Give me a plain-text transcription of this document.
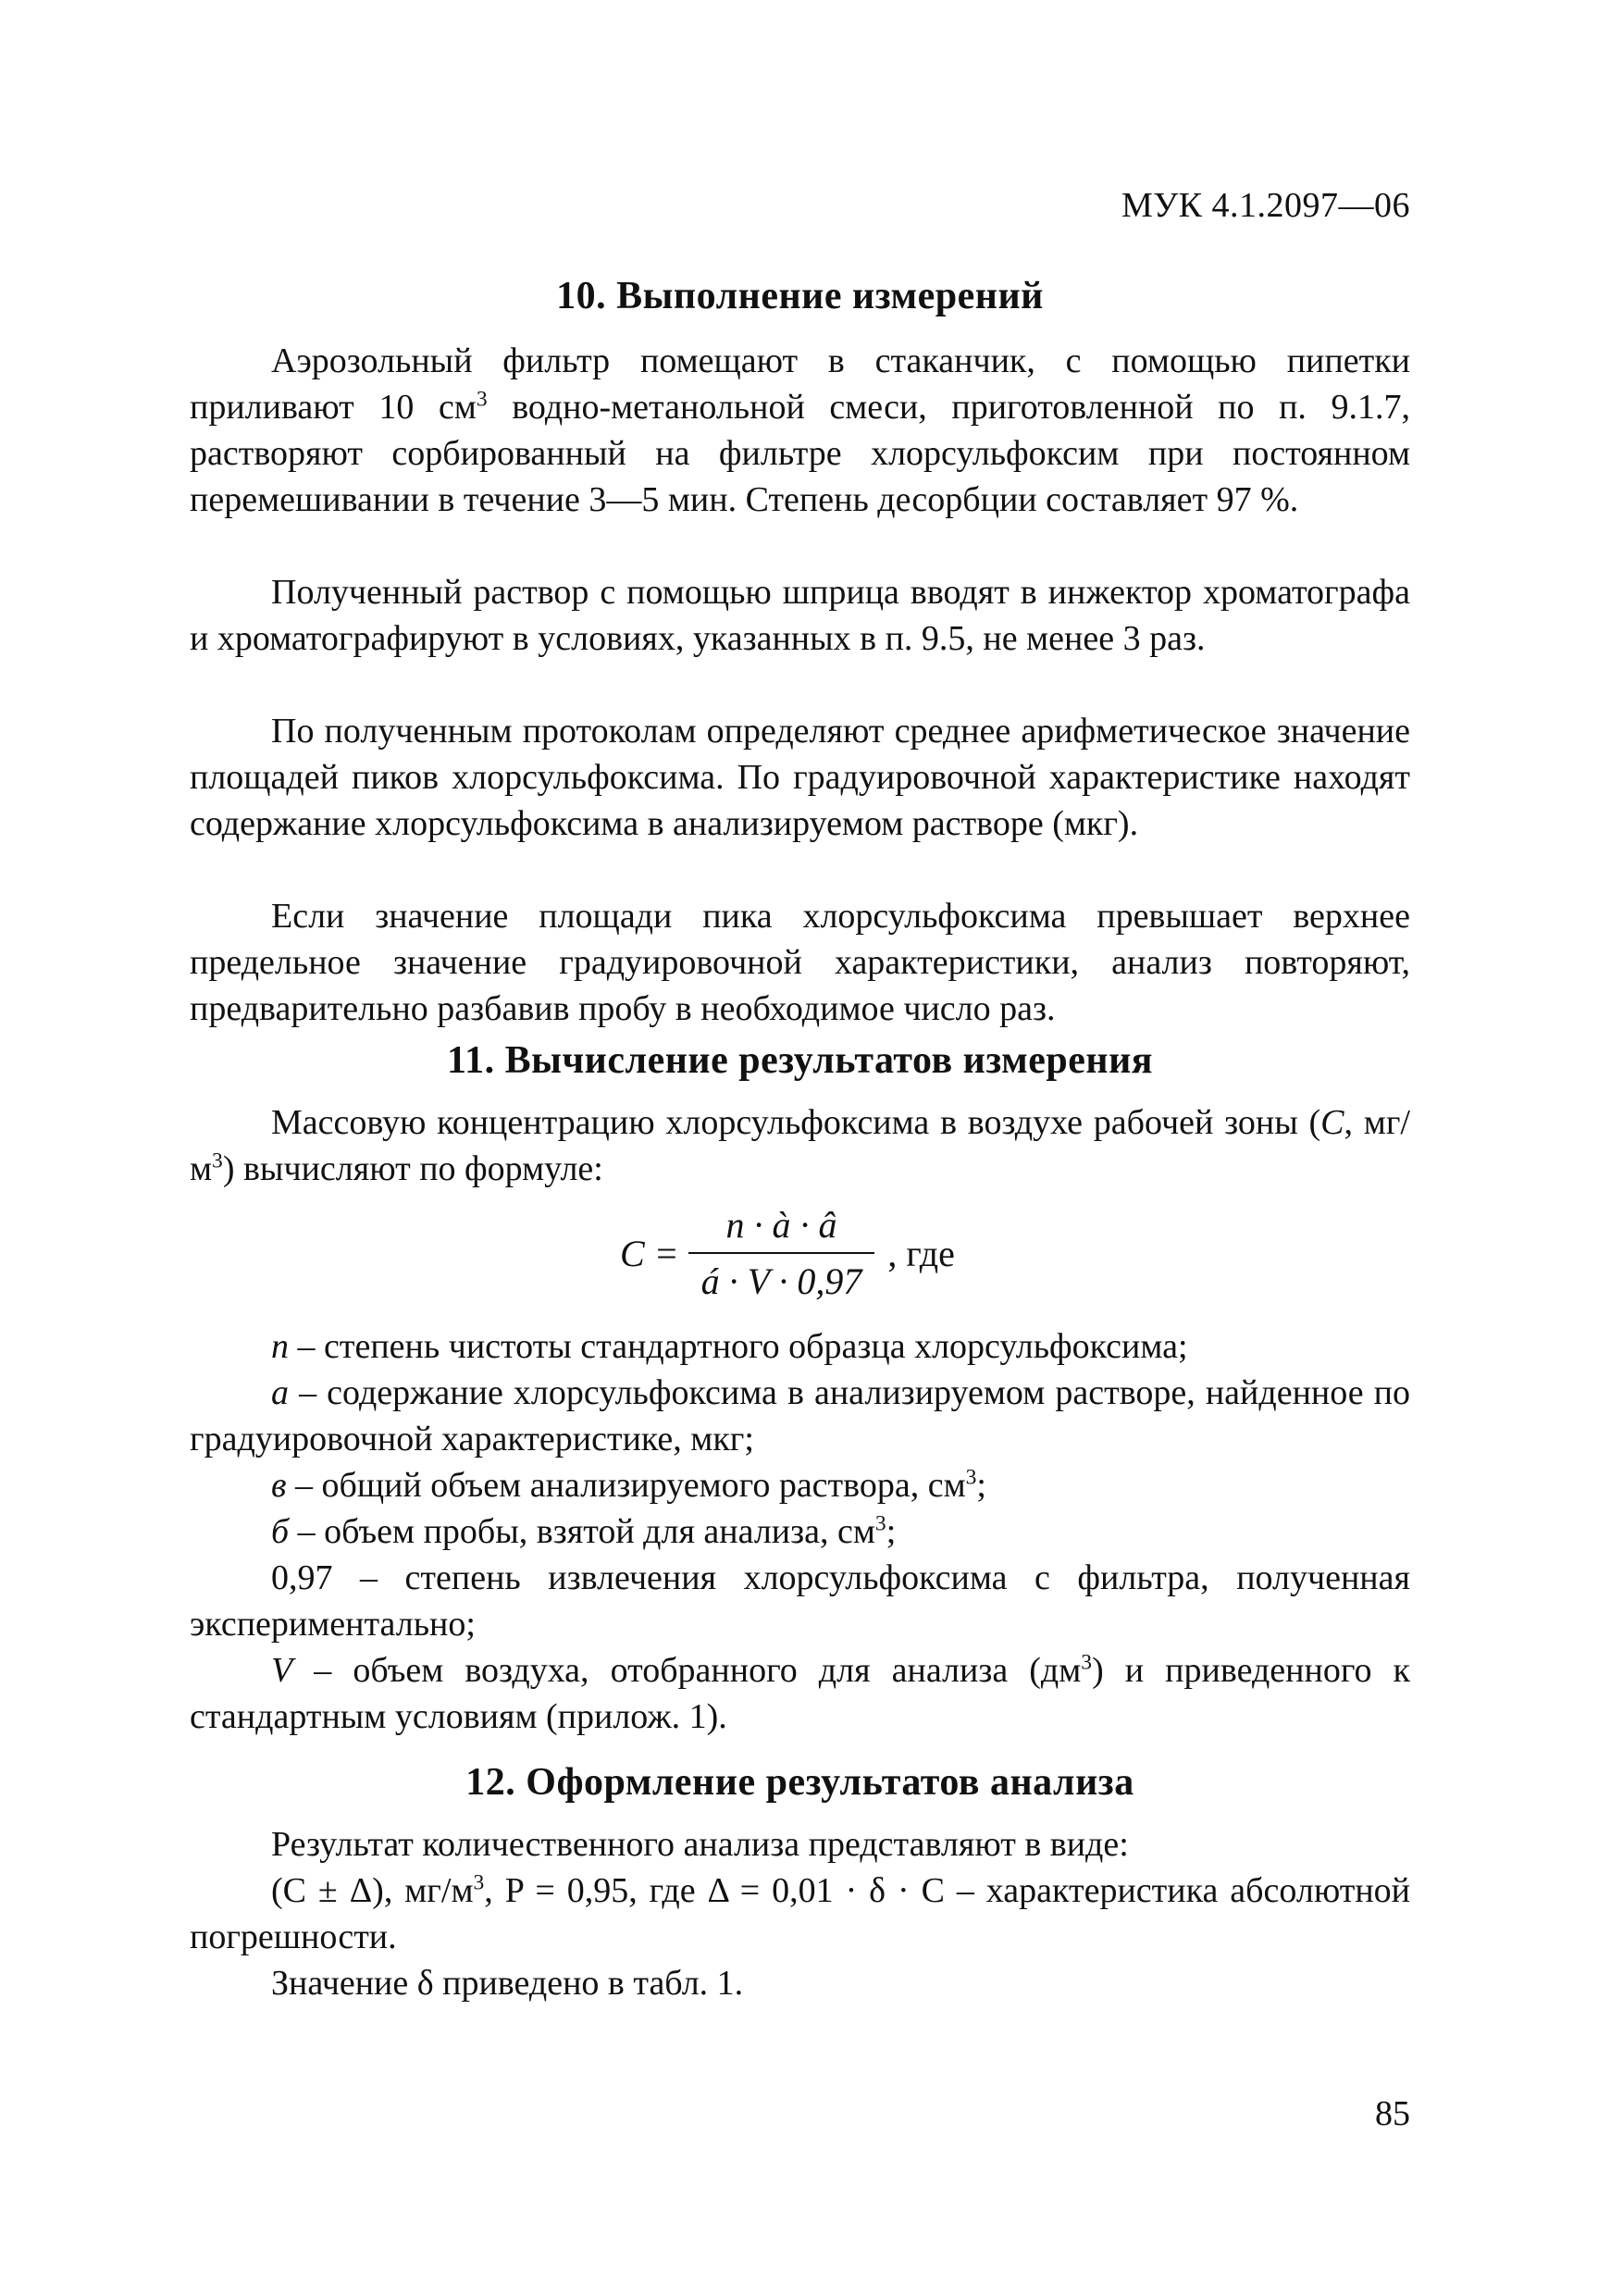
МУК 4.1.2097—06
10. Выполнение измерений

Аэрозольный фильтр помещают в стаканчик, с помощью пипетки приливают 10 $см^3$ водно-метанольной смеси, приготовленной по п. 9.1.7, растворяют сорбированный на фильтре хлорсульфоксим при постоянном перемешивании в течение 3—5 мин. Степень десорбции составляет 97 %.

Полученный раствор с помощью шприца вводят в инжектор хроматографа и хроматографируют в условиях, указанных в п. 9.5, не менее 3 раз.

По полученным протоколам определяют среднее арифметическое значение площадей пиков хлорсульфоксима. По градуировочной характеристике находят содержание хлорсульфоксима в анализируемом растворе (мкг).

Если значение площади пика хлорсульфоксима превышает верхнее предельное значение градуировочной характеристики, анализ повторяют, предварительно разбавив пробу в необходимое число раз.

11. Вычисление результатов измерения

Массовую концентрацию хлорсульфоксима в воздухе рабочей зоны (C, $мг/м^3$) вычисляют по формуле:

$C = \frac{n \cdot à \cdot â}{á \cdot V \cdot 0,97}$ , где

n – степень чистоты стандартного образца хлорсульфоксима;

a – содержание хлорсульфоксима в анализируемом растворе, найденное по градуировочной характеристике, мкг;

в – общий объем анализируемого раствора, $см^3$;

б – объем пробы, взятой для анализа, $см^3$;

0,97 – степень извлечения хлорсульфоксима с фильтра, полученная экспериментально;

V – объем воздуха, отобранного для анализа $(дм^3)$ и приведенного к стандартным условиям (прилож. 1).

12. Оформление результатов анализа

Результат количественного анализа представляют в виде:

(C ± Δ), $мг/м^3$, P = 0,95, где Δ = 0,01 · δ · C – характеристика абсолютной погрешности.

Значение δ приведено в табл. 1.

85
